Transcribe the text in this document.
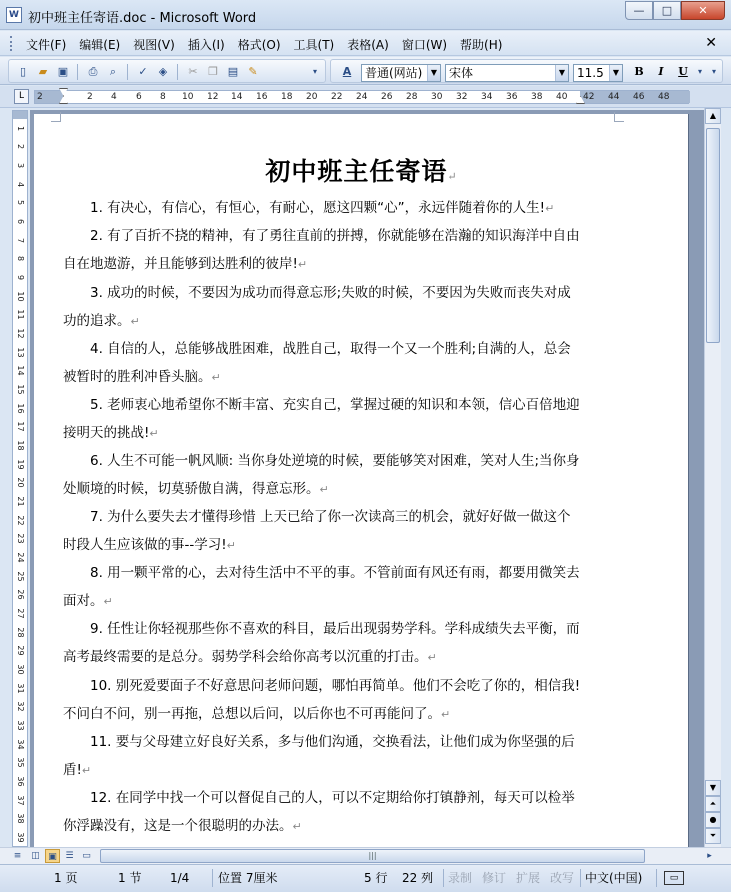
W 初中班主任寄语.doc - Microsoft Word
—	□	✕
文件(F)	编辑(E)	视图(V)	插入(I)	格式(O)	工具(T)	表格(A)	窗口(W)	帮助(H)	✕
▯	▰ ▣	⎙	⌕	✓	◈	✂ ❐ ▤ ✎	▾	A	普通(网站)	▼ 宋体	▼ 11.5	▼	B	I	U	▾	▾
L	2	2 4 6 8 10 12 14 16 18 20 22 24 26 28 30 32 34 36 38 40 42 44 46 48
1
2
3
4
5
6
7
8
9
10
11
12
13
14
15
16
17
18
19
20
21
22
23
24
25
26
27
28
29
30
31
32
33
34
35
36
37
38
39
初中班主任寄语↵
1. 有决心，有信心，有恒心，有耐心，愿这四颗“心”，永远伴随着你的人生!↵
2. 有了百折不挠的精神，有了勇往直前的拼搏，你就能够在浩瀚的知识海洋中自由自在地遨游，并且能够到达胜利的彼岸!↵
3. 成功的时候，不要因为成功而得意忘形;失败的时候，不要因为失败而丧失对成功的追求。↵
4. 自信的人，总能够战胜困难，战胜自己，取得一个又一个胜利;自满的人，总会被暂时的胜利冲昏头脑。↵
5. 老师衷心地希望你不断丰富、充实自己，掌握过硬的知识和本领，信心百倍地迎接明天的挑战!↵
6. 人生不可能一帆风顺: 当你身处逆境的时候，要能够笑对困难，笑对人生;当你身处顺境的时候，切莫骄傲自满，得意忘形。↵
7. 为什么要失去才懂得珍惜 上天已给了你一次读高三的机会，就好好做一做这个时段人生应该做的事--学习!↵
8. 用一颗平常的心，去对待生活中不平的事。不管前面有风还有雨，都要用微笑去面对。↵
9. 任性让你轻视那些你不喜欢的科目，最后出现弱势学科。学科成绩失去平衡，而高考最终需要的是总分。弱势学科会给你高考以沉重的打击。↵
10. 别死爱要面子不好意思问老师问题，哪怕再简单。他们不会吃了你的，相信我!不问白不问，别一再拖，总想以后问，以后你也不可再能问了。↵
11. 要与父母建立好良好关系，多与他们沟通，交换看法，让他们成为你坚强的后盾!↵
12. 在同学中找一个可以督促自己的人，可以不定期给你打镇静剂，每天可以检举你浮躁没有，这是一个很聪明的办法。↵
▲
▼
⏶
●
⏷
≡	◫ ▣ ☰ ▭	|||	▸
1 页	1 节 1/4 位置 7厘米	5 行 22 列 录制 修订 扩展 改写 中文(中国)	▭
